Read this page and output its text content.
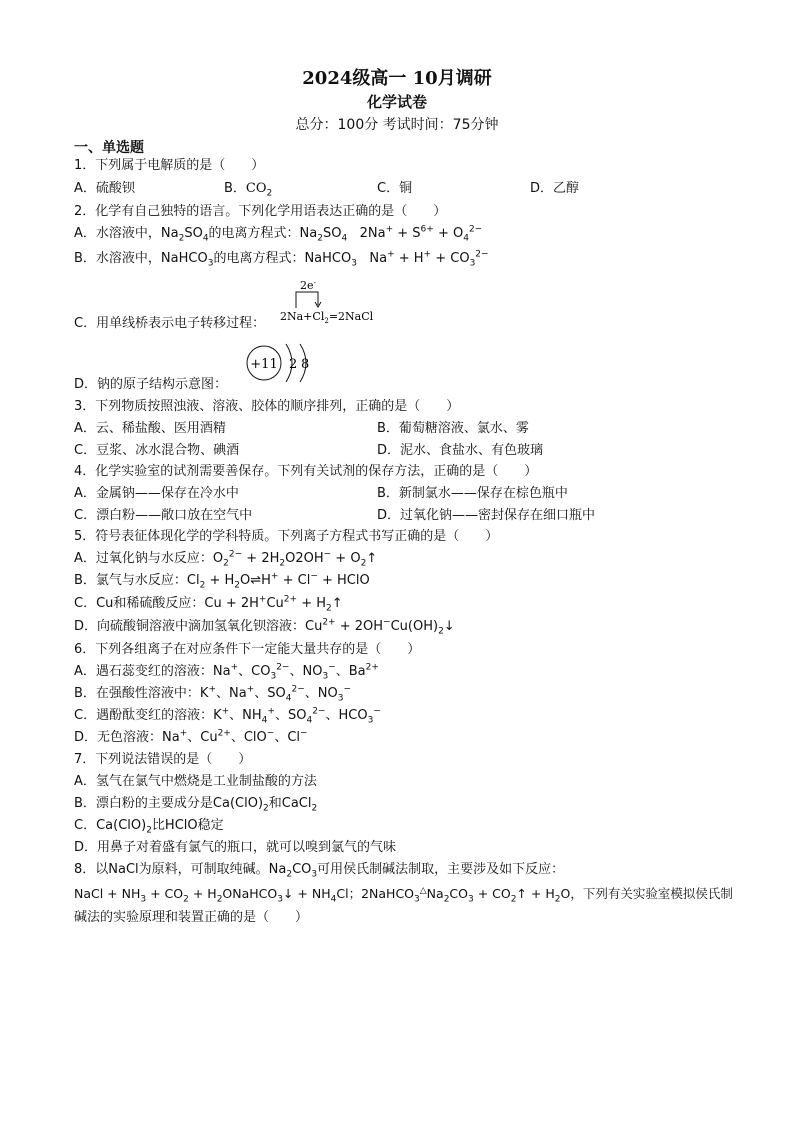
2024级高一 10月调研
化学试卷
总分：100分 考试时间：75分钟
一、单选题
1．下列属于电解质的是（　　）
A．硫酸钡	B．$CO_2$	C．铜	D．乙醇
2．化学有自己独特的语言。下列化学用语表达正确的是（　　）
A．水溶液中，$Na_2SO_4$的电离方程式：$Na_2SO_4$ $2Na^+ + S^{6+} + O_4^{2-}$
B．水溶液中，NaHCO$_3$的电离方程式：NaHCO$_3$ $Na^+ + H^+ + CO_3^{2-}$
C．用单线桥表示电子转移过程：
2e-
$2Na+Cl_2=2NaCl$
D．钠的原子结构示意图：
+11 2 8
3．下列物质按照浊液、溶液、胶体的顺序排列，正确的是（　　）
A．云、稀盐酸、医用酒精	B．葡萄糖溶液、氯水、雾
C．豆浆、冰水混合物、碘酒	D．泥水、食盐水、有色玻璃
4．化学实验室的试剂需要善保存。下列有关试剂的保存方法，正确的是（　　）
A．金属钠——保存在冷水中	B．新制氯水——保存在棕色瓶中
C．漂白粉——敞口放在空气中	D．过氧化钠——密封保存在细口瓶中
5．符号表征体现化学的学科特质。下列离子方程式书写正确的是（　　）
A．过氧化钠与水反应：$O_2^{2-} + 2H_2O2OH^-$ + $O_2↑$
B．氯气与水反应：$Cl_2$ + $H_2O\rightleftharpoons H^+ + Cl^-$ + HClO
C．Cu和稀硫酸反应：$Cu + 2H^+Cu^{2+}$ + $H_2↑$
D．向硫酸铜溶液中滴加氢氧化钡溶液：$Cu^{2+}$ + $2OH^-Cu(OH)_2↓$
6．下列各组离子在对应条件下一定能大量共存的是（　　）
A．遇石蕊变红的溶液：Na+、$CO_3^{2-}$、$NO_3^-$、$Ba^{2+}$
B．在强酸性溶液中：K+、Na+、$SO_4^{2-}$、$NO_3^-$
C．遇酚酞变红的溶液：K+、$NH_4^+$、$SO_4^{2-}$、$HCO_3^-$
D．无色溶液：Na+、$Cu^{2+}$、ClO−、Cl−
7．下列说法错误的是（　　）
A．氢气在氯气中燃烧是工业制盐酸的方法
B．漂白粉的主要成分是$Ca(ClO)_2$和CaCl$_2$
C．$Ca(ClO)_2$比HClO稳定
D．用鼻子对着盛有氯气的瓶口，就可以嗅到氯气的气味
8．以NaCl为原料，可制取纯碱。$Na_2CO_3$可用侯氏制碱法制取，主要涉及如下反应：
NaCl + $NH_3 + CO_2$ + $H_2ONaHCO_3↓ + NH_4Cl$；$2NaHCO_3^\triangle Na_2CO_3$ + $CO_2↑ + H_2O$，下列有关实验室模拟侯氏制
碱法的实验原理和装置正确的是（　　）
